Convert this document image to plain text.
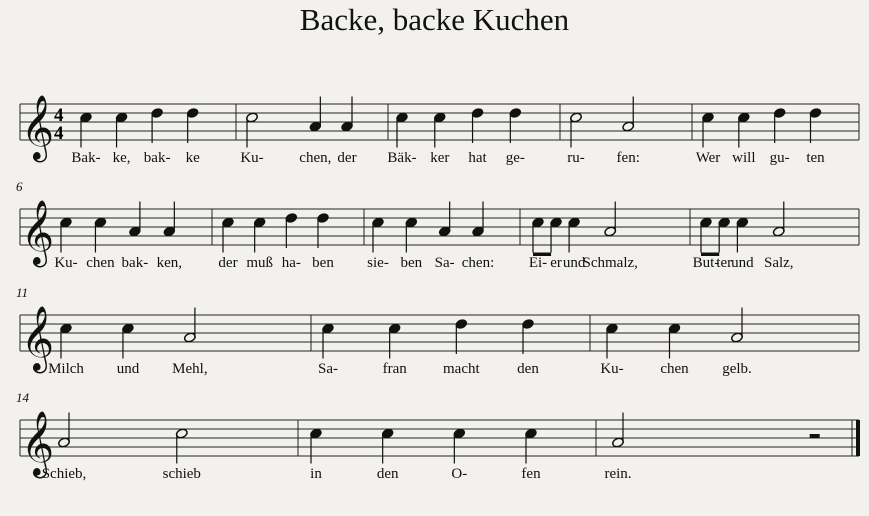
Backe, backe Kuchen
𝄞 4
4
Bak- ke, bak- ke	Ku- chen, der Bäk- ker hat ge-	ru- fen:	Wer will gu- ten
𝄞
6
Ku- chen bak- ken, der muß ha- ben sie- ben Sa- chen: Ei- er und
Schmalz,	But-
ter und Salz,
𝄞
11
Milch und Mehl,	Sa-	fran macht	den	Ku- chen gelb.
𝄞
14
Schieb,	schieb	in	den	O-	fen	rein.
